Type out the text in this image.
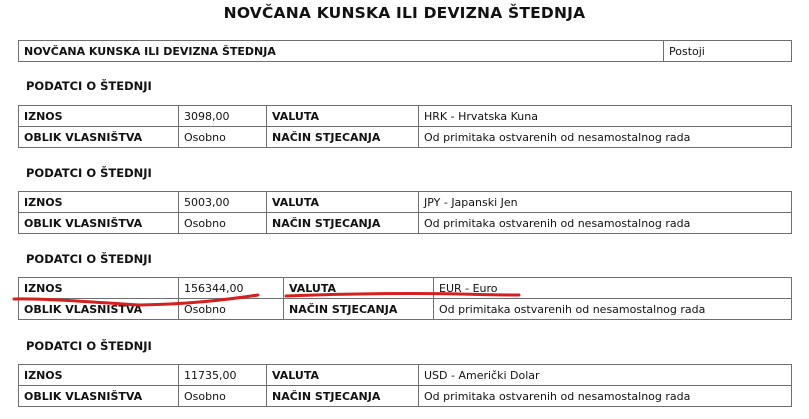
NOVČANA KUNSKA ILI DEVIZNA ŠTEDNJA
NOVČANA KUNSKA ILI DEVIZNA ŠTEDNJA	Postoji
PODATCI O ŠTEDNJI
IZNOS	3098,00	VALUTA	HRK - Hrvatska Kuna
OBLIK VLASNIŠTVA	Osobno	NAČIN STJECANJA	Od primitaka ostvarenih od nesamostalnog rada
PODATCI O ŠTEDNJI
IZNOS	5003,00	VALUTA	JPY - Japanski Jen
OBLIK VLASNIŠTVA	Osobno	NAČIN STJECANJA	Od primitaka ostvarenih od nesamostalnog rada
PODATCI O ŠTEDNJI
IZNOS	156344,00	VALUTA	EUR - Euro
OBLIK VLASNIŠTVA	Osobno	NAČIN STJECANJA	Od primitaka ostvarenih od nesamostalnog rada
PODATCI O ŠTEDNJI
IZNOS	11735,00	VALUTA	USD - Američki Dolar
OBLIK VLASNIŠTVA	Osobno	NAČIN STJECANJA	Od primitaka ostvarenih od nesamostalnog rada
